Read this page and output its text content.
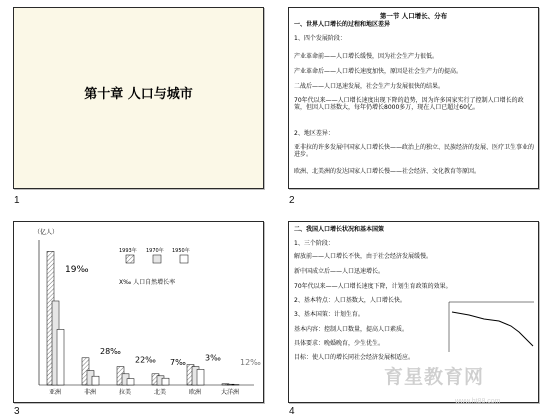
第十章 人口与城市
1
第一节 人口增长、分布
一、世界人口增长的过程和地区差异
1、四个发展阶段：
产业革命前——人口增长缓慢，因为社会生产力很低。
产业革命后——人口增长速度加快，原因是社会生产力的提高。
二战后——人口迅速发展，社会生产力发展很快的结果。
70年代以来——人口增长速度出现下降的趋势，因为许多国家实行了控制人口增长的政策，但因人口基数大，每年仍增长8000多万，现在人口已超过60亿。
2、地区差异：
亚非拉的许多发展中国家人口增长快——政治上的独立、民族经济的发展、医疗卫生事业的进步。
欧洲、北美洲的发达国家人口增长慢——社会经济、文化教育等原因。
2
亚洲
19‰
非洲
28‰
拉美
22‰
北美
7‰
欧洲
3‰
大洋洲
12‰
（亿人）
1993年 1970年 1950年
X‰ 人口自然增长率
3
二、我国人口增长状况和基本国策
1、三个阶段：
解放前——人口增长不快，由于社会经济发展缓慢。
新中国成立后——人口迅速增长。
70年代以来——人口增长速度下降，计划生育政策的效果。
2、基本特点：人口基数大，人口增长快。
3、基本国策：计划生育。
基本内容：控制人口数量，提高人口素质。
具体要求：晚婚晚育，少生优生。
目标：使人口的增长同社会经济发展相适应。
4
育星教育网
www.ht88.com
